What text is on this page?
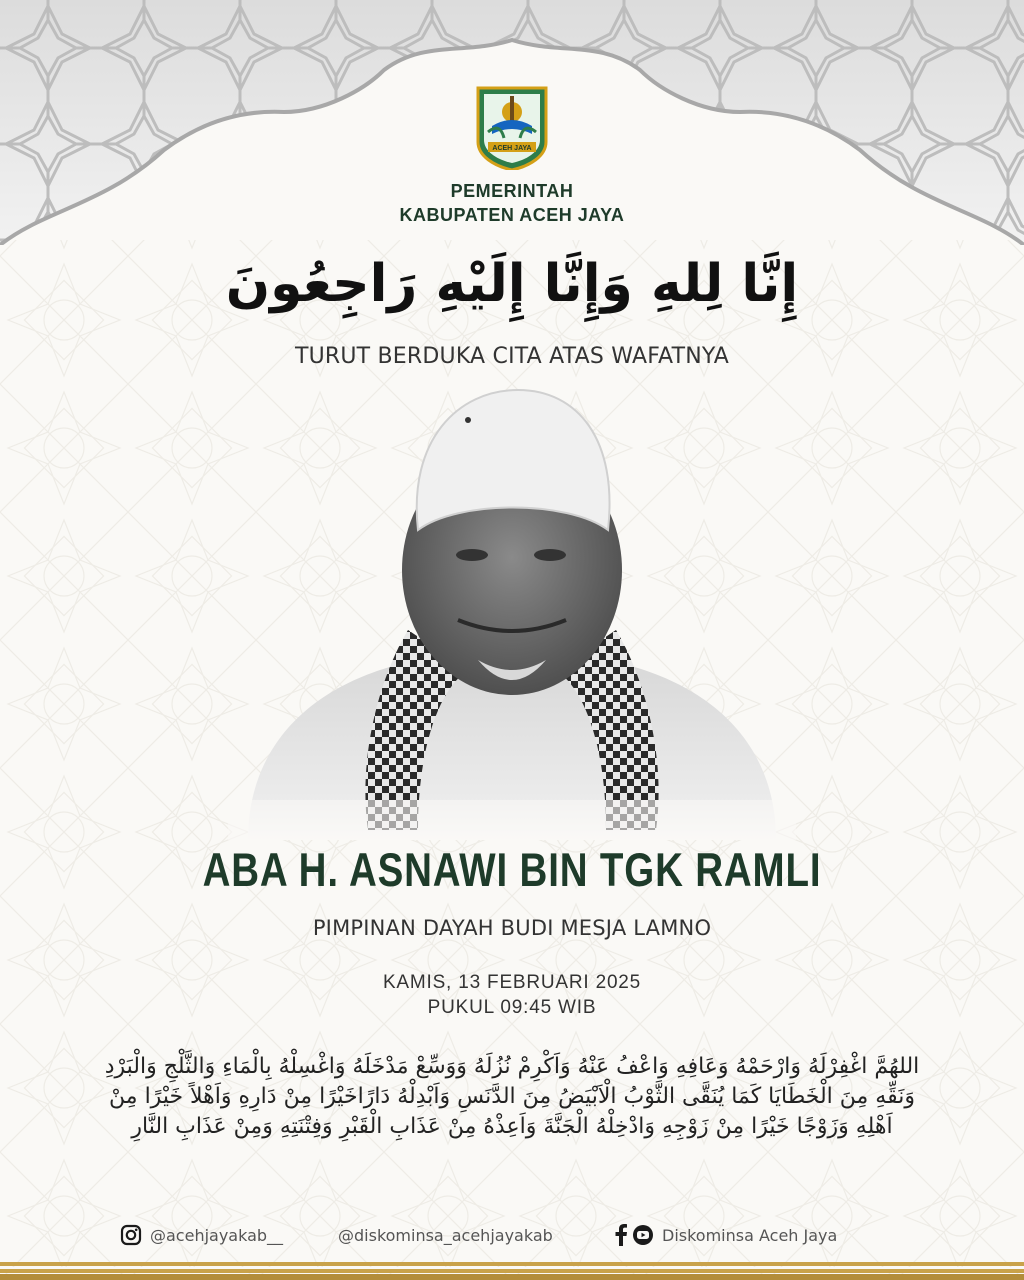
ACEH JAYA
PEMERINTAH
KABUPATEN ACEH JAYA
إِنَّا لِلهِ وَإِنَّا إِلَيْهِ رَاجِعُونَ
TURUT BERDUKA CITA ATAS WAFATNYA
ABA H. ASNAWI BIN TGK RAMLI
PIMPINAN DAYAH BUDI MESJA LAMNO
KAMIS, 13 FEBRUARI 2025
PUKUL 09:45 WIB
اللهُمَّ اغْفِرْلَهُ وَارْحَمْهُ وَعَافِهِ وَاعْفُ عَنْهُ وَاَكْرِمْ نُزُلَهُ وَوَسِّعْ مَدْخَلَهُ وَاغْسِلْهُ بِالْمَاءِ وَالثَّلْجِ وَالْبَرْدِ وَنَقِّهِ مِنَ الْخَطَايَا كَمَا يُنَقَّى الثَّوْبُ الْاَبْيَضُ مِنَ الدَّنَسِ وَاَبْدِلْهُ دَارًاخَيْرًا مِنْ دَارِهِ وَاَهْلاً خَيْرًا مِنْ اَهْلِهِ وَزَوْجًا خَيْرًا مِنْ زَوْجِهِ وَادْخِلْهُ الْجَنَّةَ وَاَعِذْهُ مِنْ عَذَابِ الْقَبْرِ وَفِتْنَتِهِ وَمِنْ عَذَابِ النَّارِ
@acehjayakab__	@diskominsa_acehjayakab	Diskominsa Aceh Jaya
